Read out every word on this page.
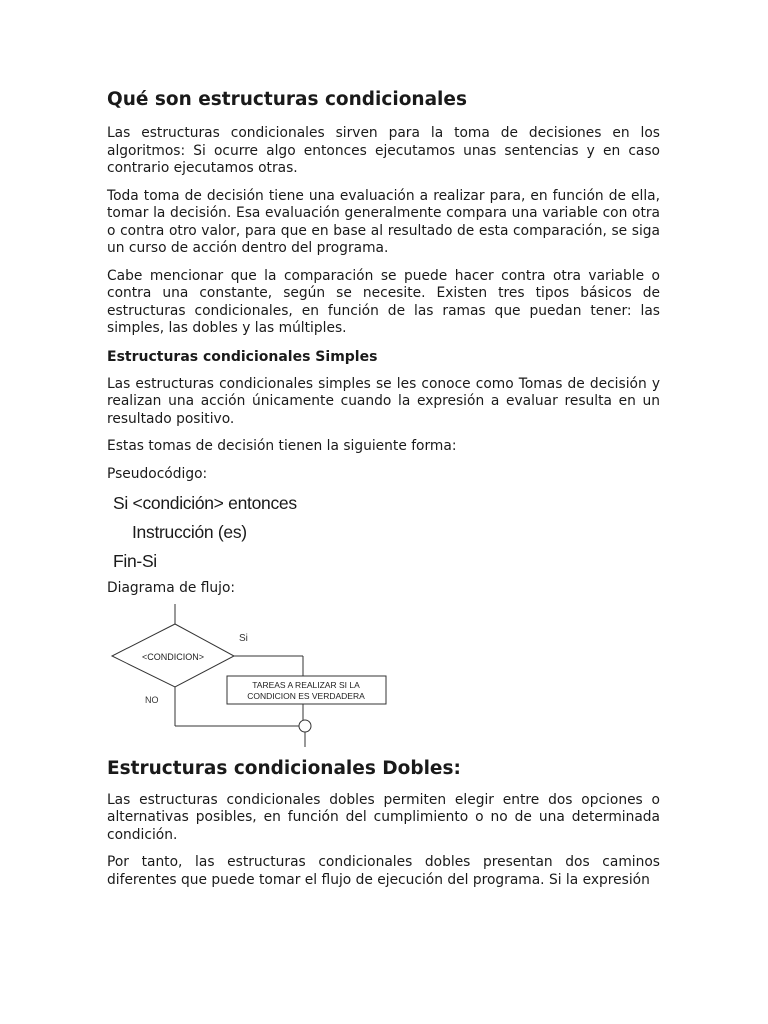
Qué son estructuras condicionales

Las estructuras condicionales sirven para la toma de decisiones en los algoritmos: Si ocurre algo entonces ejecutamos unas sentencias y en caso contrario ejecutamos otras.

Toda toma de decisión tiene una evaluación a realizar para, en función de ella, tomar la decisión. Esa evaluación generalmente compara una variable con otra o contra otro valor, para que en base al resultado de esta comparación, se siga un curso de acción dentro del programa.

Cabe mencionar que la comparación se puede hacer contra otra variable o contra una constante, según se necesite. Existen tres tipos básicos de estructuras condicionales, en función de las ramas que puedan tener: las simples, las dobles y las múltiples.

Estructuras condicionales Simples

Las estructuras condicionales simples se les conoce como Tomas de decisión y realizan una acción únicamente cuando la expresión a evaluar resulta en un resultado positivo.

Estas tomas de decisión tienen la siguiente forma:

Pseudocódigo:

Si <condición> entonces
Instrucción (es)
Fin-Si

Diagrama de flujo:

<CONDICION>
Si
NO
TAREAS A REALIZAR SI LA
CONDICION ES VERDADERA
Estructuras condicionales Dobles:

Las estructuras condicionales dobles permiten elegir entre dos opciones o alternativas posibles, en función del cumplimiento o no de una determinada condición.

Por tanto, las estructuras condicionales dobles presentan dos caminos diferentes que puede tomar el flujo de ejecución del programa. Si la expresión
